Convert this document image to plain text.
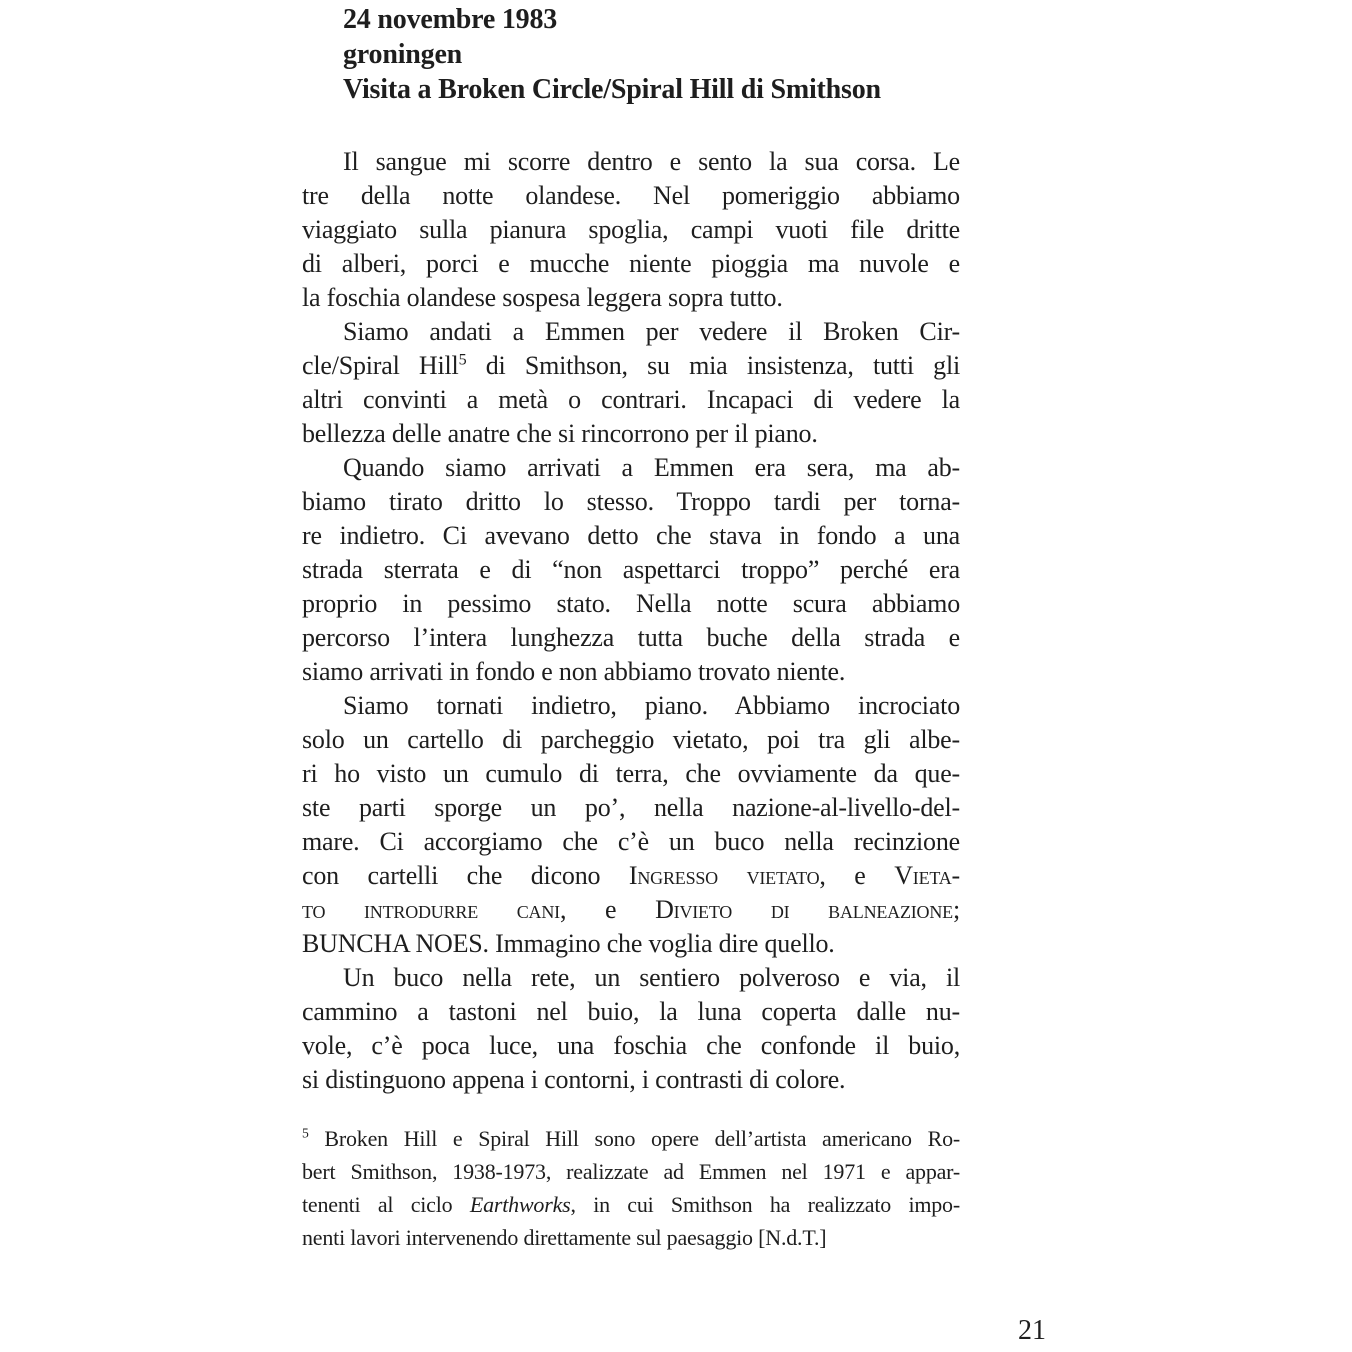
24 novembre 1983
groningen
Visita a Broken Circle/Spiral Hill di Smithson
Il sangue mi scorre dentro e sento la sua corsa. Le
tre della notte olandese. Nel pomeriggio abbiamo
viaggiato sulla pianura spoglia, campi vuoti file dritte
di alberi, porci e mucche niente pioggia ma nuvole e
la foschia olandese sospesa leggera sopra tutto.
Siamo andati a Emmen per vedere il Broken Cir-
cle/Spiral Hill$^5$ di Smithson, su mia insistenza, tutti gli
altri convinti a metà o contrari. Incapaci di vedere la
bellezza delle anatre che si rincorrono per il piano.
Quando siamo arrivati a Emmen era sera, ma ab-
biamo tirato dritto lo stesso. Troppo tardi per torna-
re indietro. Ci avevano detto che stava in fondo a una
strada sterrata e di “non aspettarci troppo” perché era
proprio in pessimo stato. Nella notte scura abbiamo
percorso l’intera lunghezza tutta buche della strada e
siamo arrivati in fondo e non abbiamo trovato niente.
Siamo tornati indietro, piano. Abbiamo incrociato
solo un cartello di parcheggio vietato, poi tra gli albe-
ri ho visto un cumulo di terra, che ovviamente da que-
ste parti sporge un po’, nella nazione-al-livello-del-
mare. Ci accorgiamo che c’è un buco nella recinzione
con cartelli che dicono Ingresso vietato, e Vieta-
to introdurre cani, e Divieto di balneazione;
BUNCHA NOES. Immagino che voglia dire quello.
Un buco nella rete, un sentiero polveroso e via, il
cammino a tastoni nel buio, la luna coperta dalle nu-
vole, c’è poca luce, una foschia che confonde il buio,
si distinguono appena i contorni, i contrasti di colore.
$^5$ Broken Hill e Spiral Hill sono opere dell’artista americano Ro-
bert Smithson, 1938-1973, realizzate ad Emmen nel 1971 e appar-
tenenti al ciclo Earthworks, in cui Smithson ha realizzato impo-
nenti lavori intervenendo direttamente sul paesaggio [N.d.T.]
21
